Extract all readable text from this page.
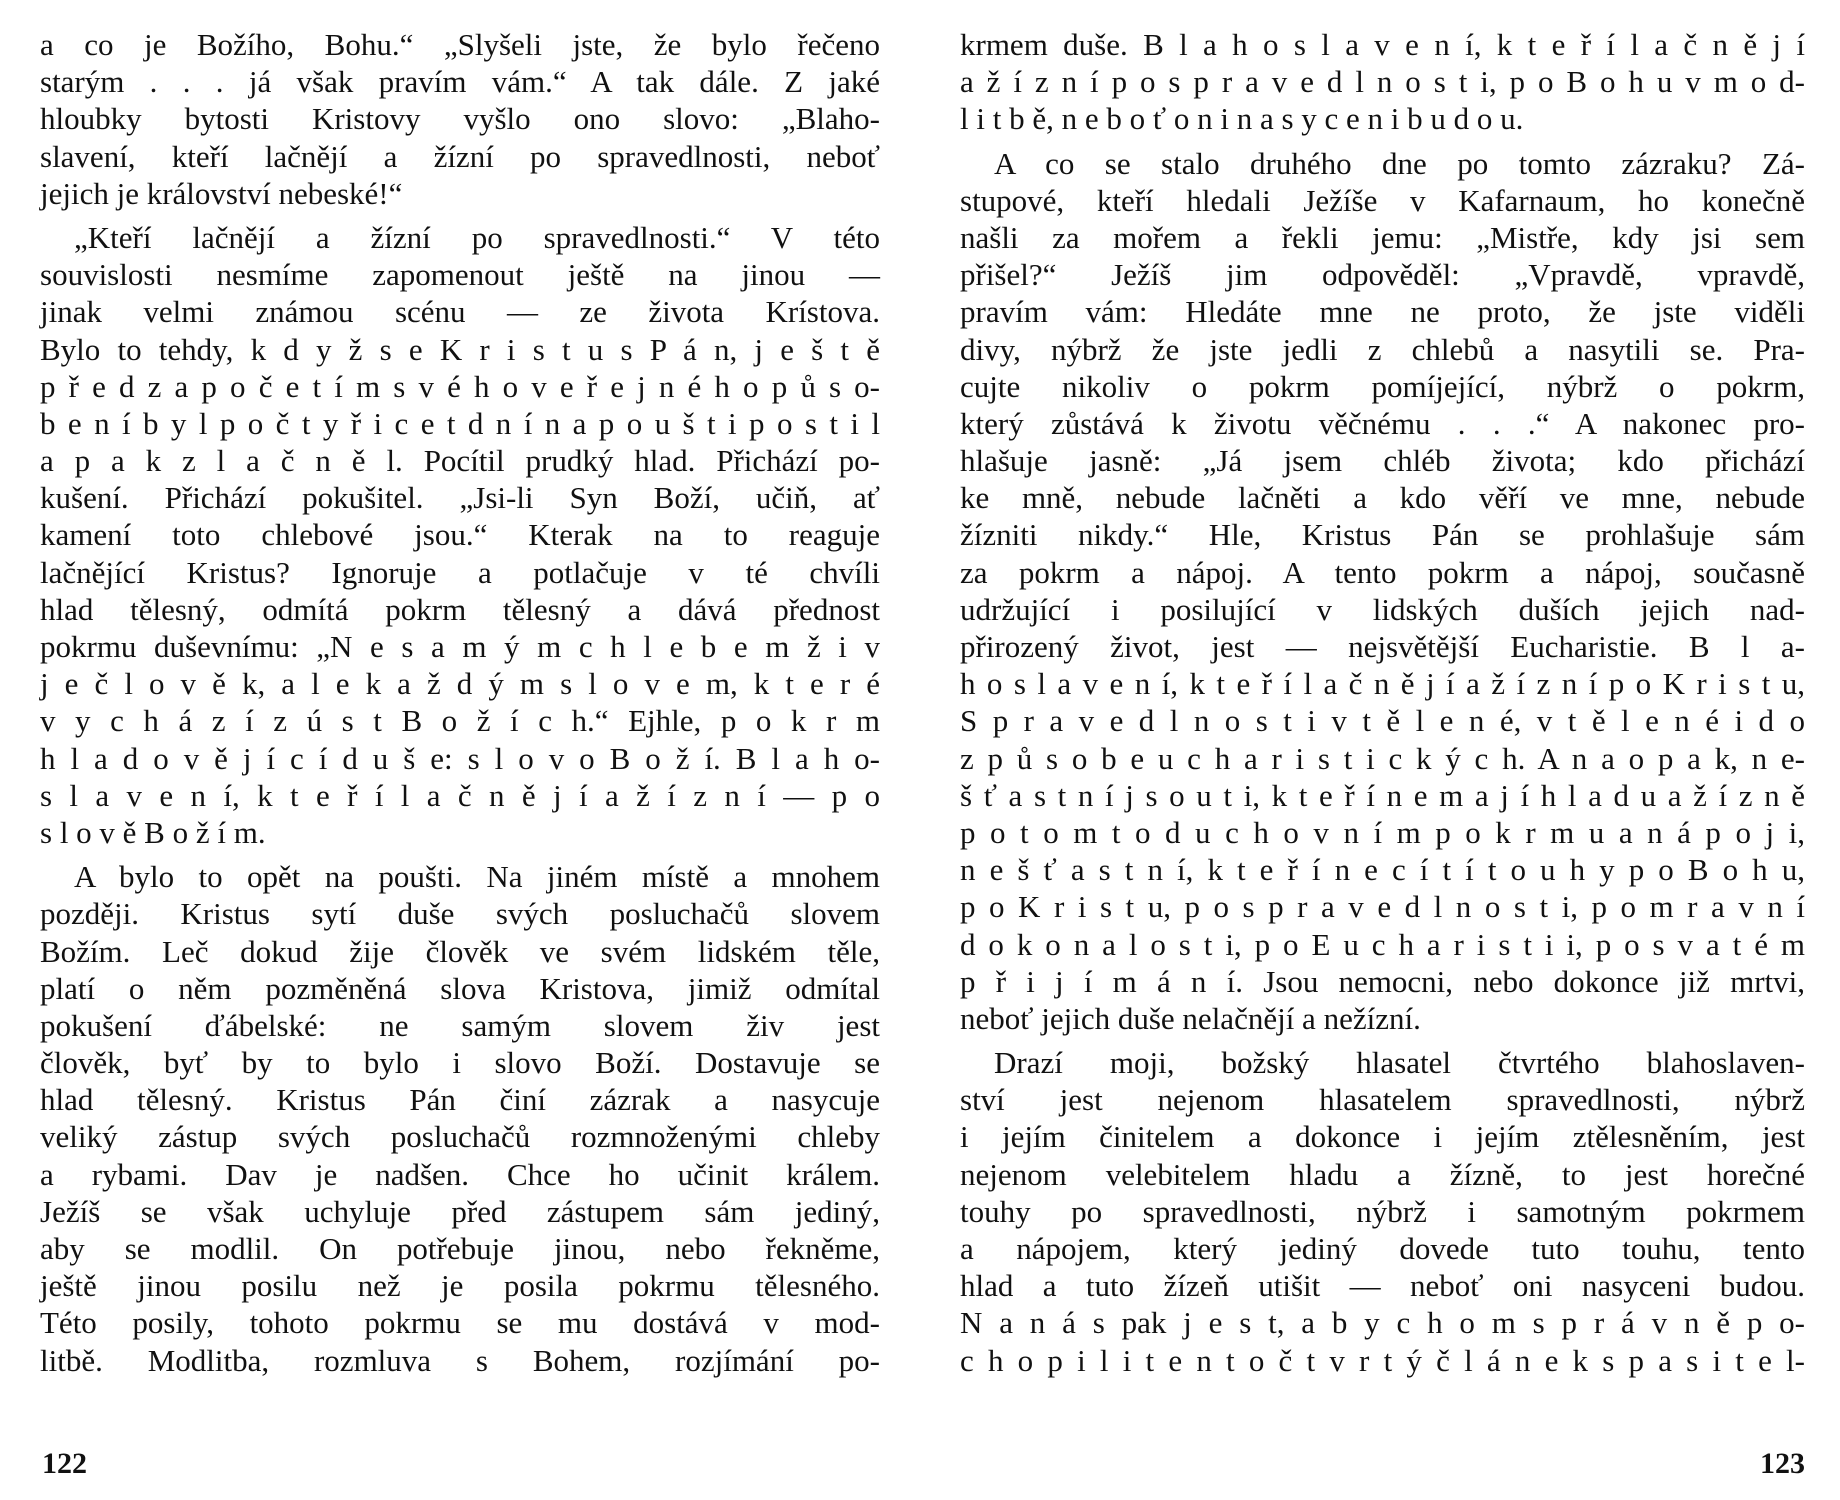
a co je Božího, Bohu.“ „Slyšeli jste, že bylo řečeno
starým . . . já však pravím vám.“ A tak dále. Z jaké
hloubky bytosti Kristovy vyšlo ono slovo: „Blaho-
slavení, kteří lačnějí a žízní po spravedlnosti, neboť
jejich je království nebeské!“
„Kteří lačnějí a žízní po spravedlnosti.“ V této
souvislosti nesmíme zapomenout ještě na jinou —
jinak velmi známou scénu — ze života Krístova.
Bylo to tehdy, k d y ž s e K r i s t u s P á n, j e š t ě
p ř e d z a p o č e t í m s v é h o v e ř e j n é h o p ů s o-
b e n í b y l p o č t y ř i c e t d n í n a p o u š t i p o s t i l
a p a k z l a č n ě l. Pocítil prudký hlad. Přichází po-
kušení. Přichází pokušitel. „Jsi-li Syn Boží, učiň, ať
kamení toto chlebové jsou.“ Kterak na to reaguje
lačnějící Kristus? Ignoruje a potlačuje v té chvíli
hlad tělesný, odmítá pokrm tělesný a dává přednost
pokrmu duševnímu: „N e s a m ý m c h l e b e m ž i v
j e č l o v ě k, a l e k a ž d ý m s l o v e m, k t e r é
v y c h á z í z ú s t B o ž í c h.“ Ejhle, p o k r m
h l a d o v ě j í c í d u š e: s l o v o B o ž í. B l a h o-
s l a v e n í, k t e ř í l a č n ě j í a ž í z n í — p o
s l o v ě B o ž í m.
A bylo to opět na poušti. Na jiném místě a mnohem
později. Kristus sytí duše svých posluchačů slovem
Božím. Leč dokud žije člověk ve svém lidském těle,
platí o něm pozměněná slova Kristova, jimiž odmítal
pokušení ďábelské: ne samým slovem živ jest
člověk, byť by to bylo i slovo Boží. Dostavuje se
hlad tělesný. Kristus Pán činí zázrak a nasycuje
veliký zástup svých posluchačů rozmnoženými chleby
a rybami. Dav je nadšen. Chce ho učinit králem.
Ježíš se však uchyluje před zástupem sám jediný,
aby se modlil. On potřebuje jinou, nebo řekněme,
ještě jinou posilu než je posila pokrmu tělesného.
Této posily, tohoto pokrmu se mu dostává v mod-
litbě. Modlitba, rozmluva s Bohem, rozjímání po-
122
krmem duše. B l a h o s l a v e n í, k t e ř í l a č n ě j í
a ž í z n í p o s p r a v e d l n o s t i, p o B o h u v m o d-
l i t b ě, n e b o ť o n i n a s y c e n i b u d o u.
A co se stalo druhého dne po tomto zázraku? Zá-
stupové, kteří hledali Ježíše v Kafarnaum, ho konečně
našli za mořem a řekli jemu: „Mistře, kdy jsi sem
přišel?“ Ježíš jim odpověděl: „Vpravdě, vpravdě,
pravím vám: Hledáte mne ne proto, že jste viděli
divy, nýbrž že jste jedli z chlebů a nasytili se. Pra-
cujte nikoliv o pokrm pomíjející, nýbrž o pokrm,
který zůstává k životu věčnému . . .“ A nakonec pro-
hlašuje jasně: „Já jsem chléb života; kdo přichází
ke mně, nebude lačněti a kdo věří ve mne, nebude
žízniti nikdy.“ Hle, Kristus Pán se prohlašuje sám
za pokrm a nápoj. A tento pokrm a nápoj, současně
udržující i posilující v lidských duších jejich nad-
přirozený život, jest — nejsvětější Eucharistie. B l a-
h o s l a v e n í, k t e ř í l a č n ě j í a ž í z n í p o K r i s t u,
S p r a v e d l n o s t i v t ě l e n é, v t ě l e n é i d o
z p ů s o b e u c h a r i s t i c k ý c h. A n a o p a k, n e-
š ť a s t n í j s o u t i, k t e ř í n e m a j í h l a d u a ž í z n ě
p o t o m t o d u c h o v n í m p o k r m u a n á p o j i,
n e š ť a s t n í, k t e ř í n e c í t í t o u h y p o B o h u,
p o K r i s t u, p o s p r a v e d l n o s t i, p o m r a v n í
d o k o n a l o s t i, p o E u c h a r i s t i i, p o s v a t é m
p ř i j í m á n í. Jsou nemocni, nebo dokonce již mrtvi,
neboť jejich duše nelačnějí a nežízní.
Drazí moji, božský hlasatel čtvrtého blahoslaven-
ství jest nejenom hlasatelem spravedlnosti, nýbrž
i jejím činitelem a dokonce i jejím ztělesněním, jest
nejenom velebitelem hladu a žízně, to jest horečné
touhy po spravedlnosti, nýbrž i samotným pokrmem
a nápojem, který jediný dovede tuto touhu, tento
hlad a tuto žízeň utišit — neboť oni nasyceni budou.
N a n á s pak j e s t, a b y c h o m s p r á v n ě p o-
c h o p i l i t e n t o č t v r t ý č l á n e k s p a s i t e l-
123
